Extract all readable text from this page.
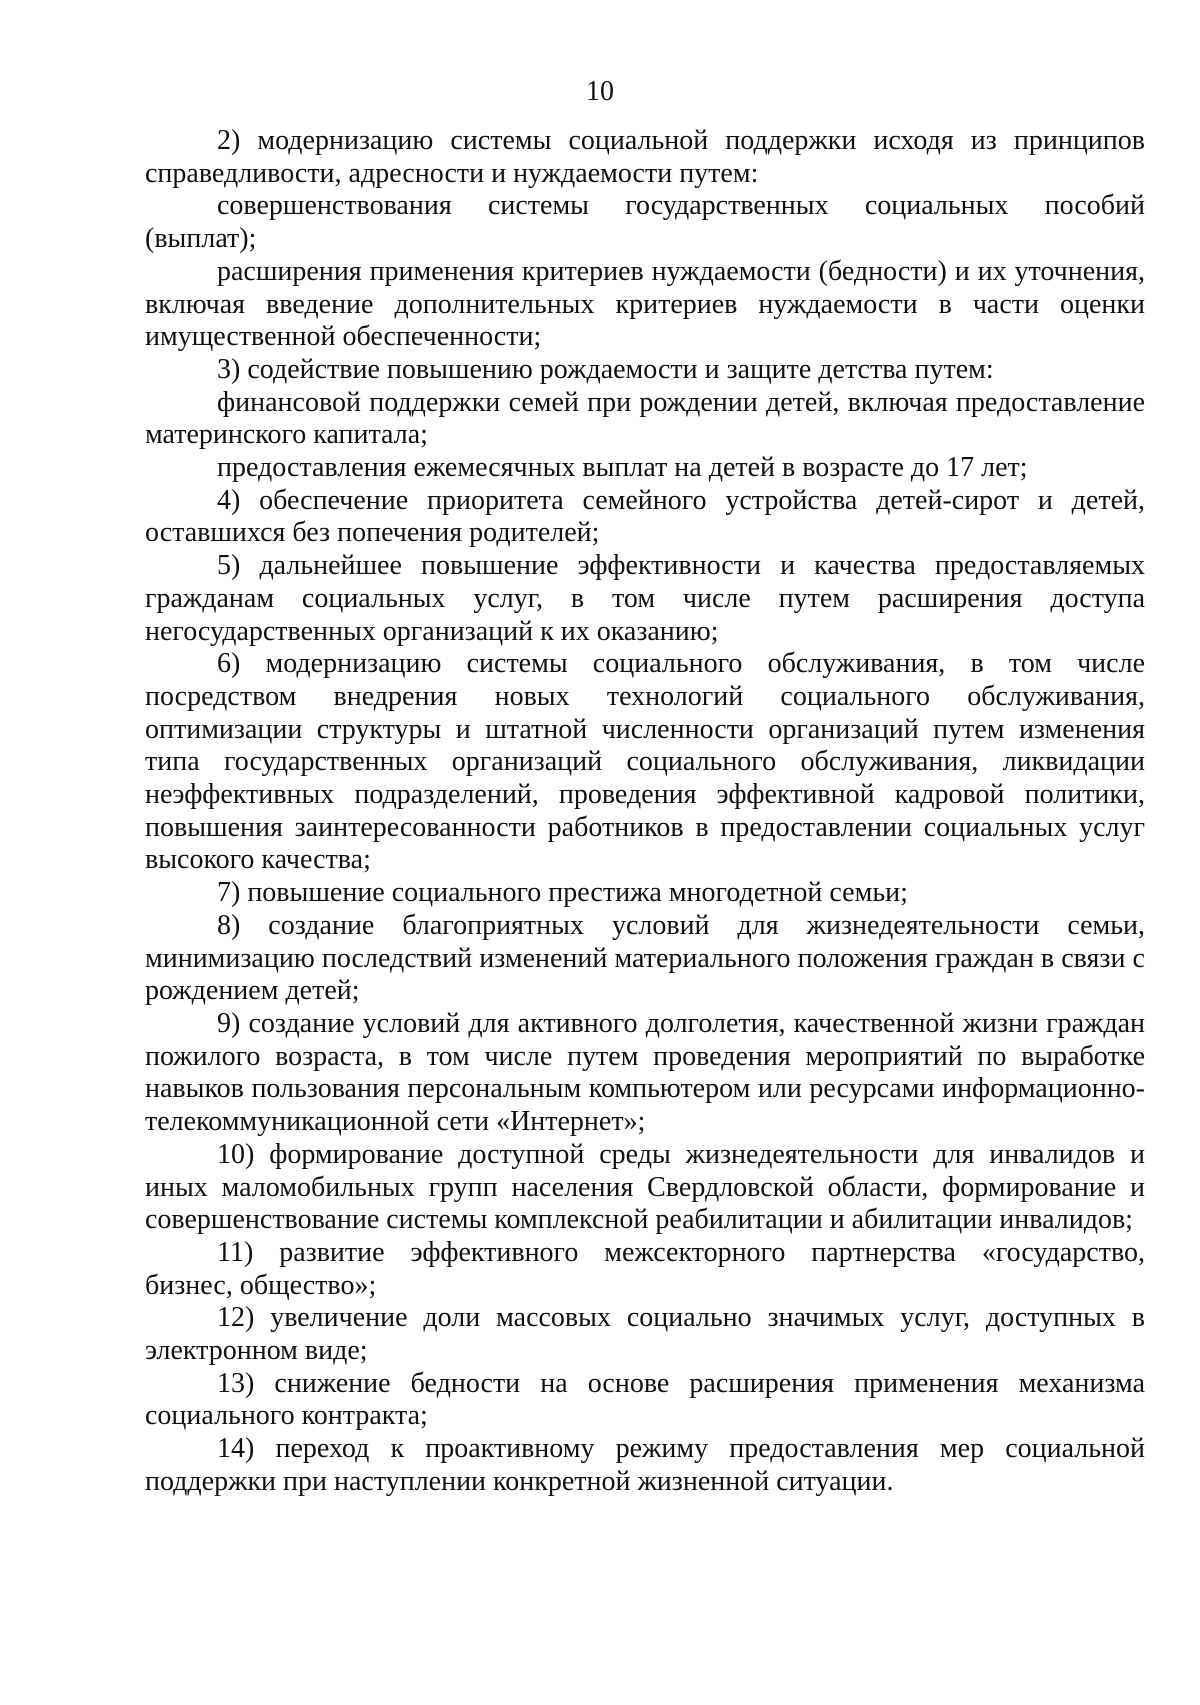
10

2) модернизацию системы социальной поддержки исходя из принципов справедливости, адресности и нуждаемости путем:

совершенствования системы государственных социальных пособий (выплат);

расширения применения критериев нуждаемости (бедности) и их уточнения, включая введение дополнительных критериев нуждаемости в части оценки имущественной обеспеченности;

3) содействие повышению рождаемости и защите детства путем:

финансовой поддержки семей при рождении детей, включая предоставление материнского капитала;

предоставления ежемесячных выплат на детей в возрасте до 17 лет;

4) обеспечение приоритета семейного устройства детей-сирот и детей, оставшихся без попечения родителей;

5) дальнейшее повышение эффективности и качества предоставляемых гражданам социальных услуг, в том числе путем расширения доступа негосударственных организаций к их оказанию;

6) модернизацию системы социального обслуживания, в том числе посредством внедрения новых технологий социального обслуживания, оптимизации структуры и штатной численности организаций путем изменения типа государственных организаций социального обслуживания, ликвидации неэффективных подразделений, проведения эффективной кадровой политики, повышения заинтересованности работников в предоставлении социальных услуг высокого качества;

7) повышение социального престижа многодетной семьи;

8) создание благоприятных условий для жизнедеятельности семьи, минимизацию последствий изменений материального положения граждан в связи с рождением детей;

9) создание условий для активного долголетия, качественной жизни граждан пожилого возраста, в том числе путем проведения мероприятий по выработке навыков пользования персональным компьютером или ресурсами информационно-телекоммуникационной сети «Интернет»;

10) формирование доступной среды жизнедеятельности для инвалидов и иных маломобильных групп населения Свердловской области, формирование и совершенствование системы комплексной реабилитации и абилитации инвалидов;

11) развитие эффективного межсекторного партнерства «государство, бизнес, общество»;

12) увеличение доли массовых социально значимых услуг, доступных в электронном виде;

13) снижение бедности на основе расширения применения механизма социального контракта;

14) переход к проактивному режиму предоставления мер социальной поддержки при наступлении конкретной жизненной ситуации.
